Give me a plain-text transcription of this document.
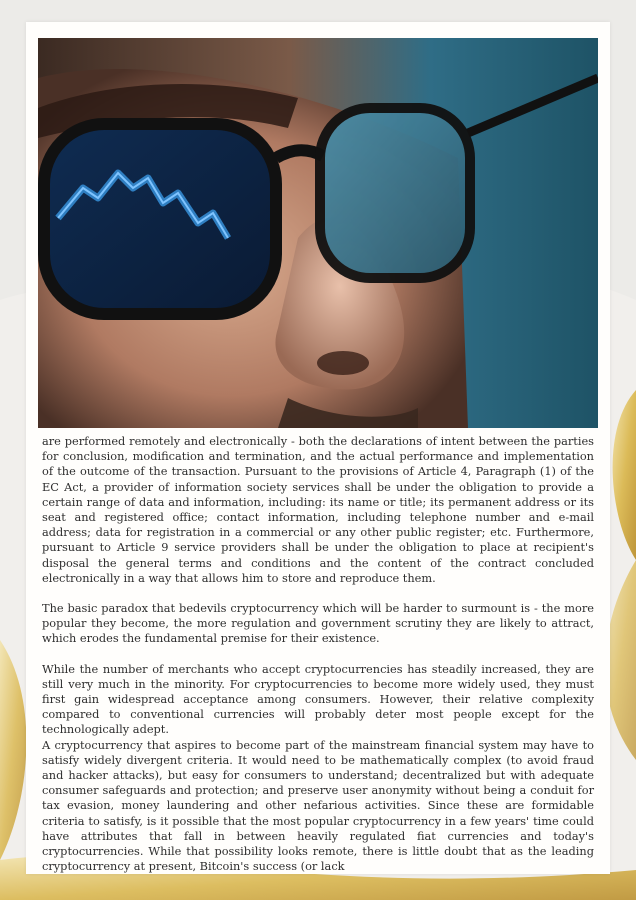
are performed remotely and electronically - both the declarations of intent between the parties for conclusion, modification and termination, and the actual performance and implementation of the outcome of the transaction. Pursuant to the provisions of Article 4, Paragraph (1) of the EC Act, a provider of information society services shall be under the obligation to provide a certain range of data and information, including: its name or title; its permanent address or its seat and registered office; contact information, including telephone number and e-mail address; data for registration in a commercial or any other public register; etc. Furthermore, pursuant to Article 9 service providers shall be under the obligation to place at recipient's disposal the general terms and conditions and the content of the contract concluded electronically in a way that allows him to store and reproduce them.

The basic paradox that bedevils cryptocurrency which will be harder to surmount is - the more popular they become, the more regulation and government scrutiny they are likely to attract, which erodes the fundamental premise for their existence.

While the number of merchants who accept cryptocurrencies has steadily increased, they are still very much in the minority. For cryptocurrencies to become more widely used, they must first gain widespread acceptance among consumers. However, their relative complexity compared to conventional currencies will probably deter most people except for the technologically adept.

A cryptocurrency that aspires to become part of the mainstream financial system may have to satisfy widely divergent criteria. It would need to be mathematically complex (to avoid fraud and hacker attacks), but easy for consumers to understand; decentralized but with adequate consumer safeguards and protection; and preserve user anonymity without being a conduit for tax evasion, money laundering and other nefarious activities. Since these are formidable criteria to satisfy, is it possible that the most popular cryptocurrency in a few years' time could have attributes that fall in between heavily regulated fiat currencies and today's cryptocurrencies. While that possibility looks remote, there is little doubt that as the leading cryptocurrency at present, Bitcoin's success (or lack
